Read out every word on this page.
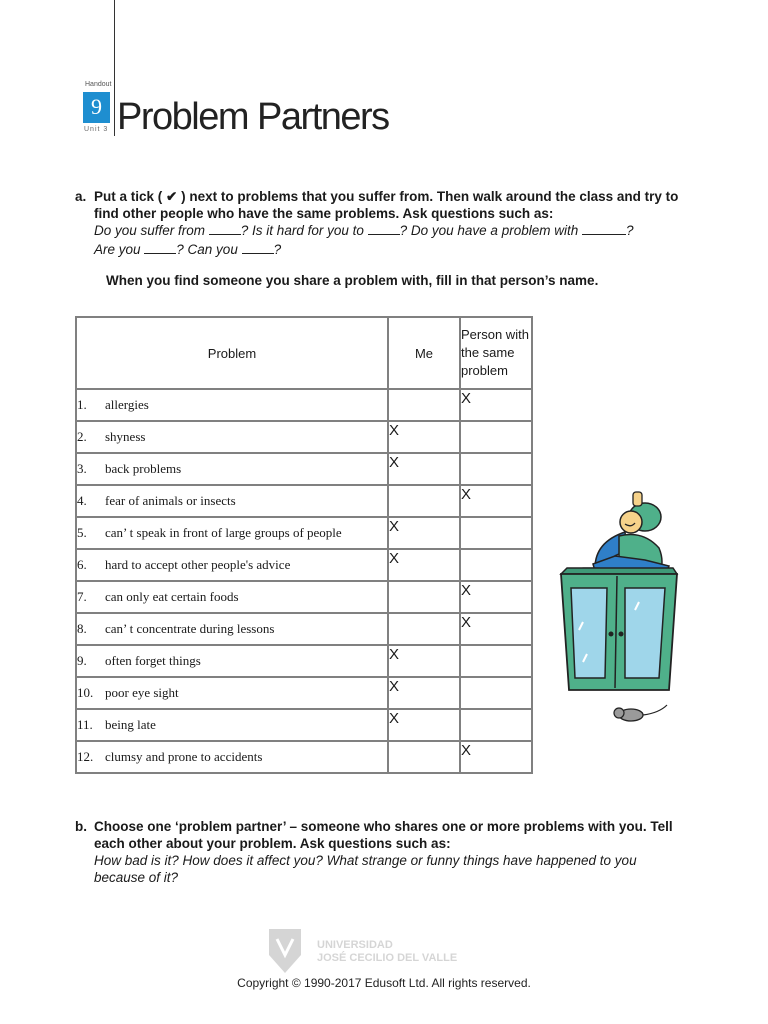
Handout
9
Unit 3 Problem Partners
a. Put a tick ( ✔ ) next to problems that you suffer from. Then walk around the class and try to find other people who have the same problems. Ask questions such as:
Do you suffer from ? Is it hard for you to ? Do you have a problem with	?
Are you ? Can you ?
When you find someone you share a problem with, fill in that person’s name.
Problem	Me	Person with the same problem
1. allergies		X
2. shyness	X	
3. back problems	X	
4. fear of animals or insects		X
5. can’ t speak in front of large groups of people	X	
6. hard to accept other people's advice	X	
7. can only eat certain foods		X
8. can’ t concentrate during lessons		X
9. often forget things	X	
10. poor eye sight	X	
11. being late	X	
12. clumsy and prone to accidents		X
b. Choose one ‘problem partner’ – someone who shares one or more problems with you. Tell each other about your problem. Ask questions such as:
How bad is it? How does it affect you? What strange or funny things have happened to you because of it?
UNIVERSIDAD
JOSÉ CECILIO DEL VALLE
Copyright © 1990-2017 Edusoft Ltd. All rights reserved.
